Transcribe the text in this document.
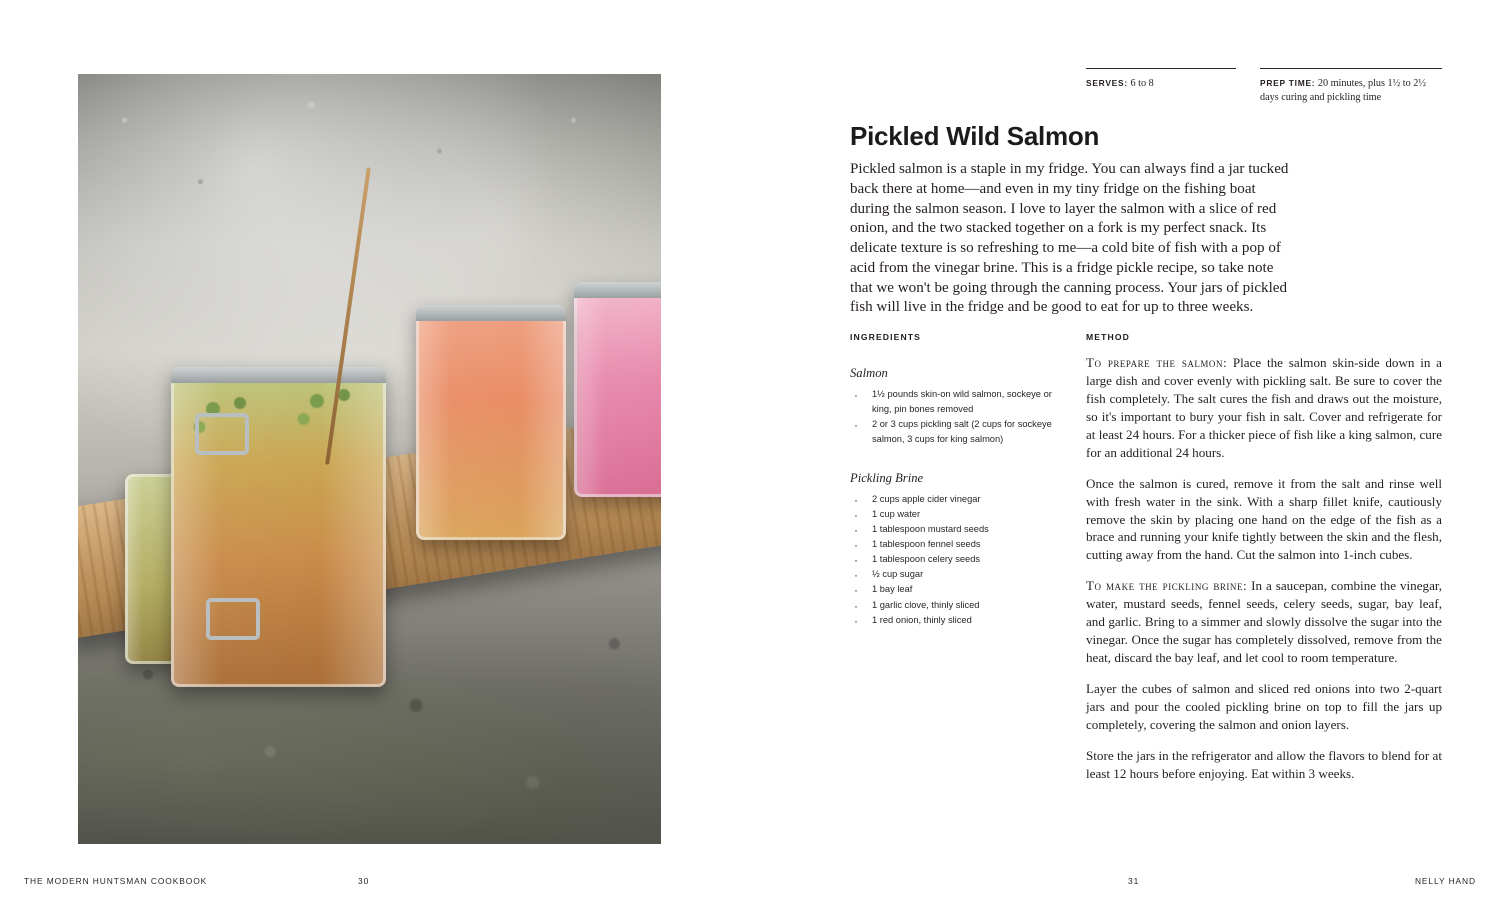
SERVES: 6 to 8	PREP TIME: 20 minutes, plus 1½ to 2½ days curing and pickling time
Pickled Wild Salmon
Pickled salmon is a staple in my fridge. You can always find a jar tucked back there at home—and even in my tiny fridge on the fishing boat during the salmon season. I love to layer the salmon with a slice of red onion, and the two stacked together on a fork is my perfect snack. Its delicate texture is so refreshing to me—a cold bite of fish with a pop of acid from the vinegar brine. This is a fridge pickle recipe, so take note that we won't be going through the canning process. Your jars of pickled fish will live in the fridge and be good to eat for up to three weeks.
INGREDIENTS
Salmon
· 1½ pounds skin-on wild salmon, sockeye or king, pin bones removed
· 2 or 3 cups pickling salt (2 cups for sockeye salmon, 3 cups for king salmon)
Pickling Brine
· 2 cups apple cider vinegar
· 1 cup water
· 1 tablespoon mustard seeds
· 1 tablespoon fennel seeds
· 1 tablespoon celery seeds
· ½ cup sugar
· 1 bay leaf
· 1 garlic clove, thinly sliced
· 1 red onion, thinly sliced
METHOD

To prepare the salmon: Place the salmon skin-side down in a large dish and cover evenly with pickling salt. Be sure to cover the fish completely. The salt cures the fish and draws out the moisture, so it's important to bury your fish in salt. Cover and refrigerate for at least 24 hours. For a thicker piece of fish like a king salmon, cure for an additional 24 hours.

Once the salmon is cured, remove it from the salt and rinse well with fresh water in the sink. With a sharp fillet knife, cautiously remove the skin by placing one hand on the edge of the fish as a brace and running your knife tightly between the skin and the flesh, cutting away from the hand. Cut the salmon into 1-inch cubes.

To make the pickling brine: In a saucepan, combine the vinegar, water, mustard seeds, fennel seeds, celery seeds, sugar, bay leaf, and garlic. Bring to a simmer and slowly dissolve the sugar into the vinegar. Once the sugar has completely dissolved, remove from the heat, discard the bay leaf, and let cool to room temperature.

Layer the cubes of salmon and sliced red onions into two 2-quart jars and pour the cooled pickling brine on top to fill the jars up completely, covering the salmon and onion layers.

Store the jars in the refrigerator and allow the flavors to blend for at least 12 hours before enjoying. Eat within 3 weeks.

THE MODERN HUNTSMAN COOKBOOK	30	31	NELLY HAND
